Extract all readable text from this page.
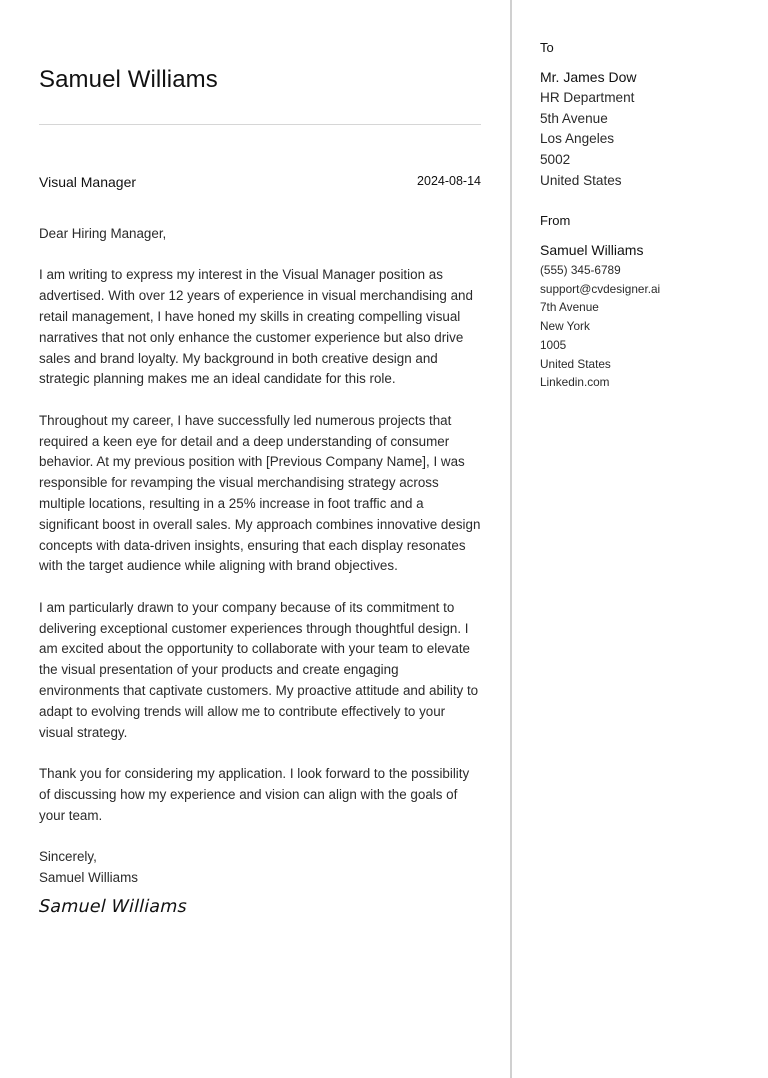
Samuel Williams
Visual Manager	2024-08-14

Dear Hiring Manager,

I am writing to express my interest in the Visual Manager position as advertised. With over 12 years of experience in visual merchandising and retail management, I have honed my skills in creating compelling visual narratives that not only enhance the customer experience but also drive sales and brand loyalty. My background in both creative design and strategic planning makes me an ideal candidate for this role.

Throughout my career, I have successfully led numerous projects that required a keen eye for detail and a deep understanding of consumer behavior. At my previous position with [Previous Company Name], I was responsible for revamping the visual merchandising strategy across multiple locations, resulting in a 25% increase in foot traffic and a significant boost in overall sales. My approach combines innovative design concepts with data-driven insights, ensuring that each display resonates with the target audience while aligning with brand objectives.

I am particularly drawn to your company because of its commitment to delivering exceptional customer experiences through thoughtful design. I am excited about the opportunity to collaborate with your team to elevate the visual presentation of your products and create engaging environments that captivate customers. My proactive attitude and ability to adapt to evolving trends will allow me to contribute effectively to your visual strategy.

Thank you for considering my application. I look forward to the possibility of discussing how my experience and vision can align with the goals of your team.

Sincerely,
Samuel Williams
Samuel Williams
To
Mr. James Dow
HR Department
5th Avenue
Los Angeles
5002
United States
From
Samuel Williams
(555) 345-6789
support@cvdesigner.ai
7th Avenue
New York
1005
United States
Linkedin.com
